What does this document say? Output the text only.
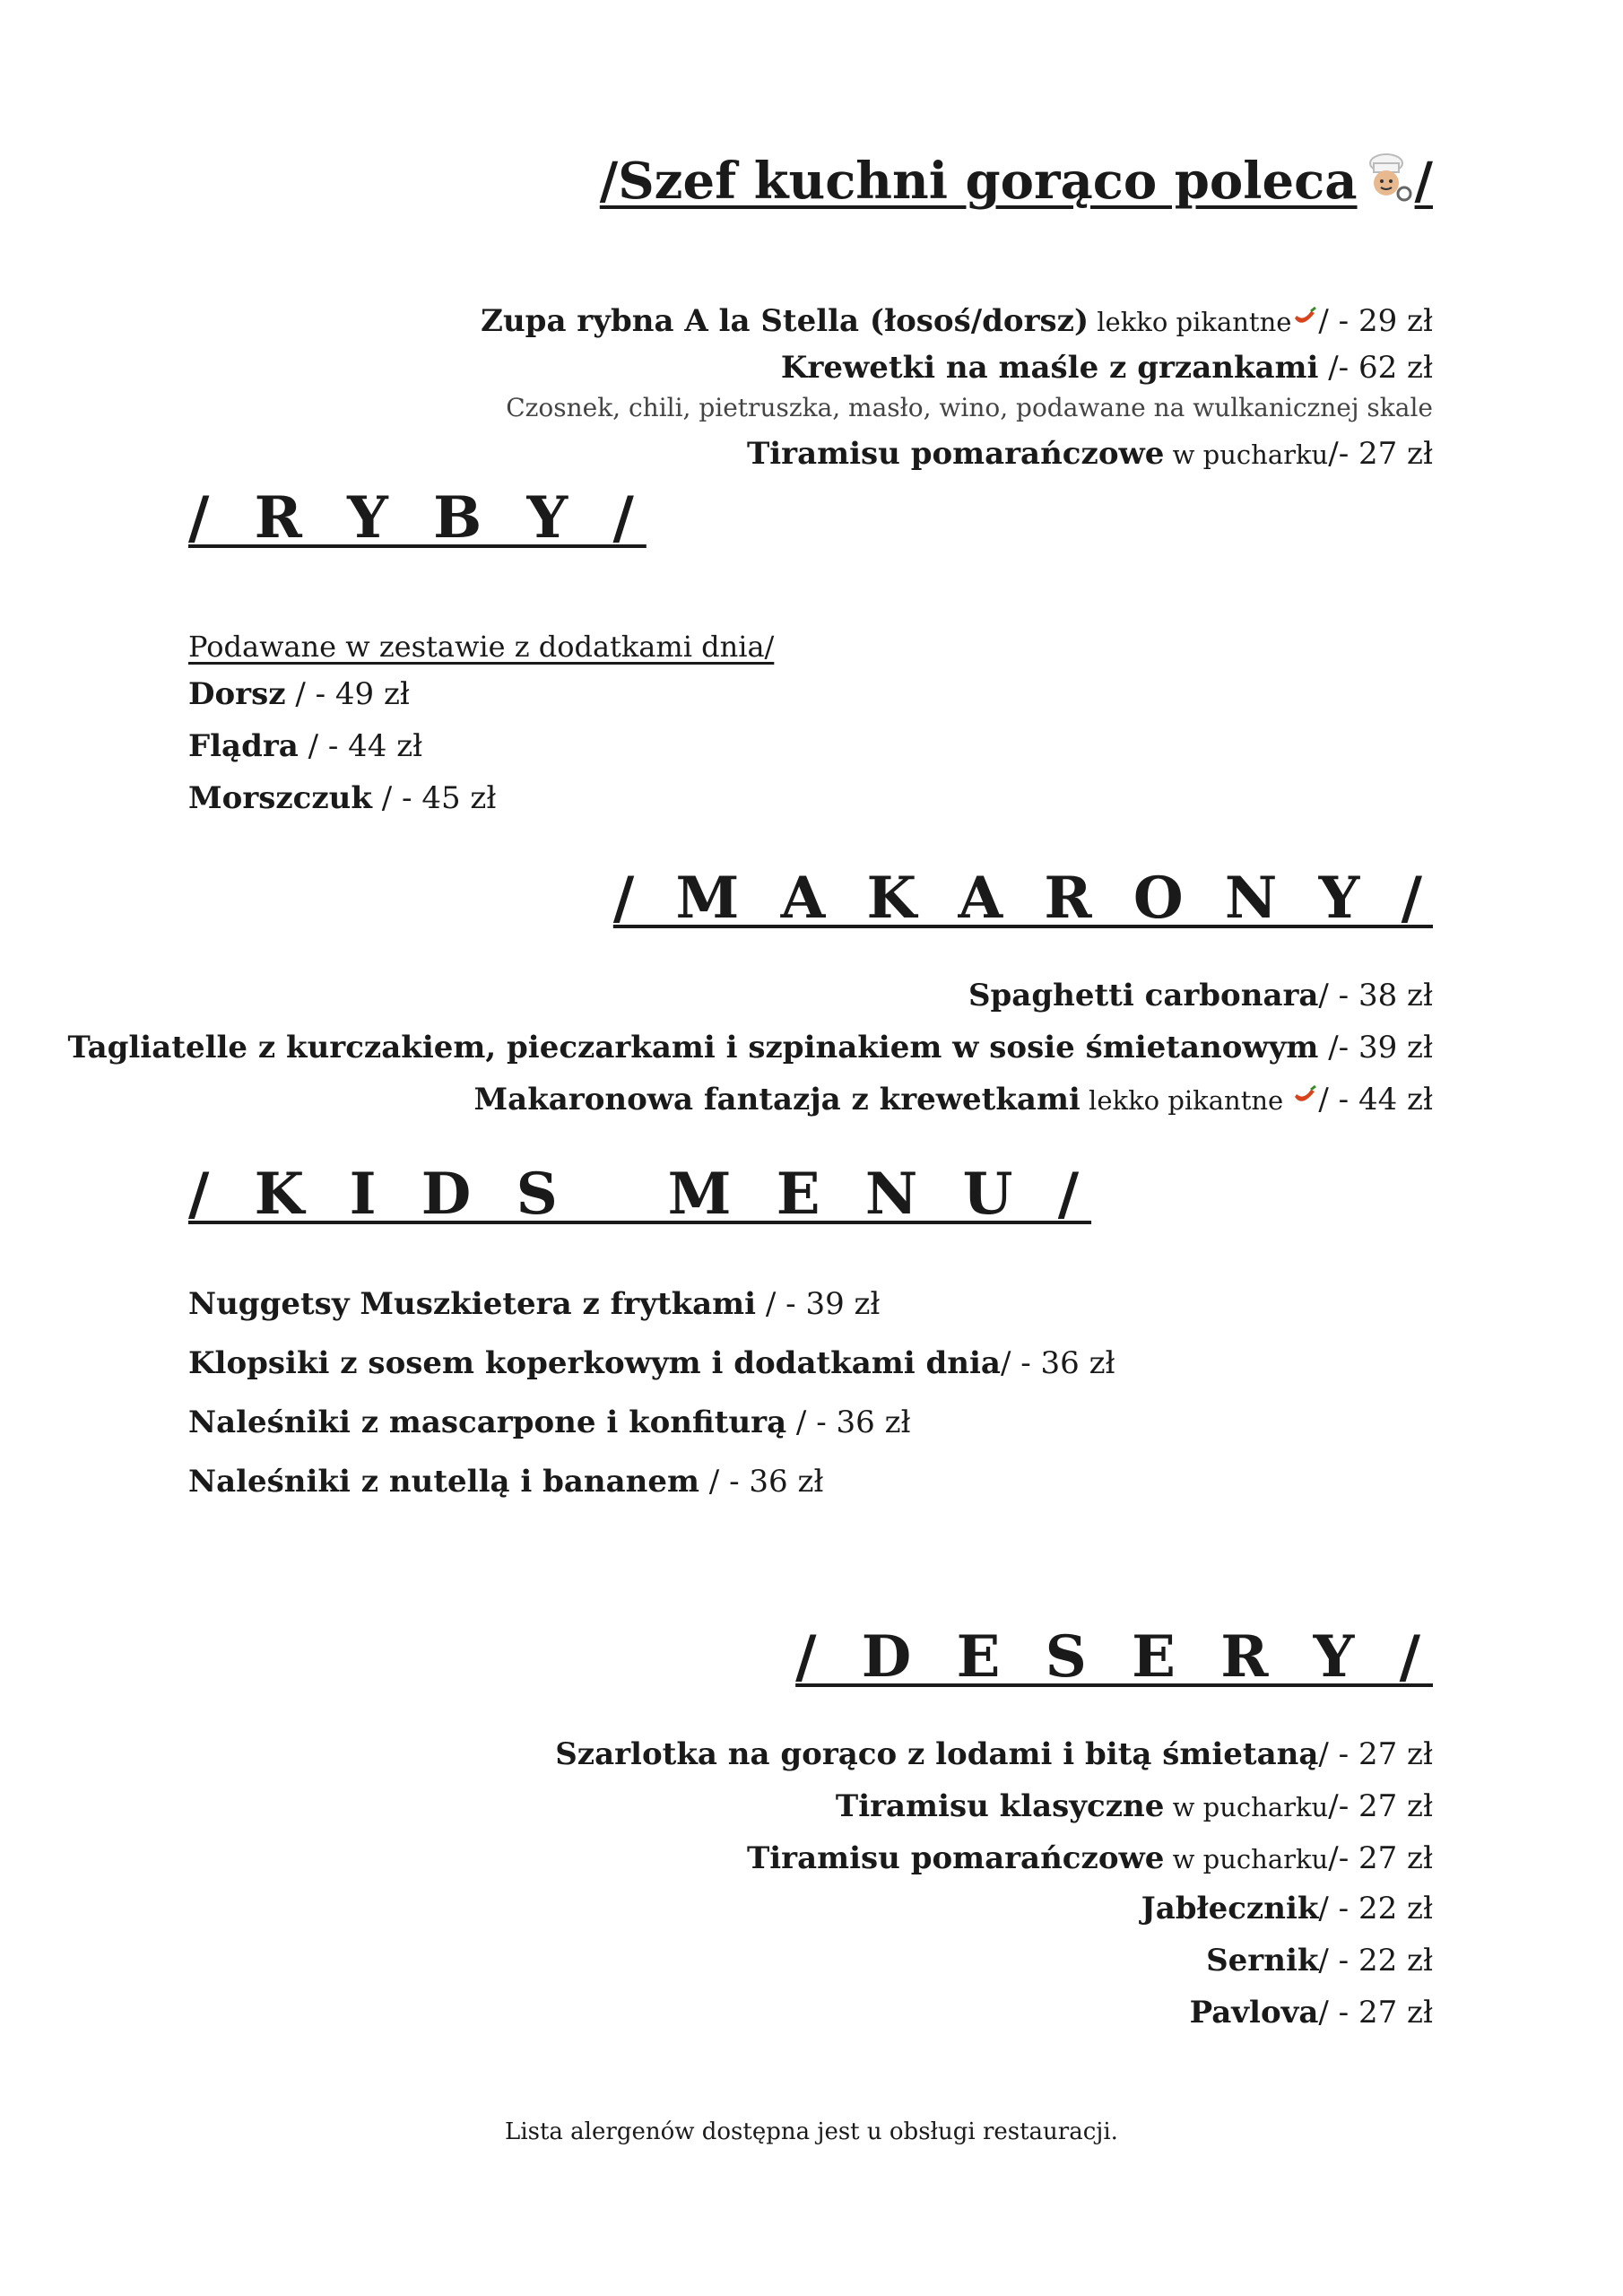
/Szef kuchni gorąco poleca /
Zupa rybna A la Stella (łosoś/dorsz) lekko pikantne / - 29 zł
Krewetki na maśle z grzankami /- 62 zł
Czosnek, chili, pietruszka, masło, wino, podawane na wulkanicznej skale
Tiramisu pomarańczowe w pucharku/- 27 zł
/ R Y B Y /
Podawane w zestawie z dodatkami dnia/
Dorsz / - 49 zł
Flądra / - 44 zł
Morszczuk / - 45 zł
/ M A K A R O N Y /
Spaghetti carbonara/ - 38 zł
Tagliatelle z kurczakiem, pieczarkami i szpinakiem w sosie śmietanowym /- 39 zł
Makaronowa fantazja z krewetkami lekko pikantne / - 44 zł
/ K I D S   M E N U /
Nuggetsy Muszkietera z frytkami / - 39 zł
Klopsiki z sosem koperkowym i dodatkami dnia/ - 36 zł
Naleśniki z mascarpone i konfiturą / - 36 zł
Naleśniki z nutellą i bananem / - 36 zł
/ D E S E R Y /
Szarlotka na gorąco z lodami i bitą śmietaną/ - 27 zł
Tiramisu klasyczne w pucharku/- 27 zł
Tiramisu pomarańczowe w pucharku/- 27 zł
Jabłecznik/ - 22 zł
Sernik/ - 22 zł
Pavlova/ - 27 zł
Lista alergenów dostępna jest u obsługi restauracji.
